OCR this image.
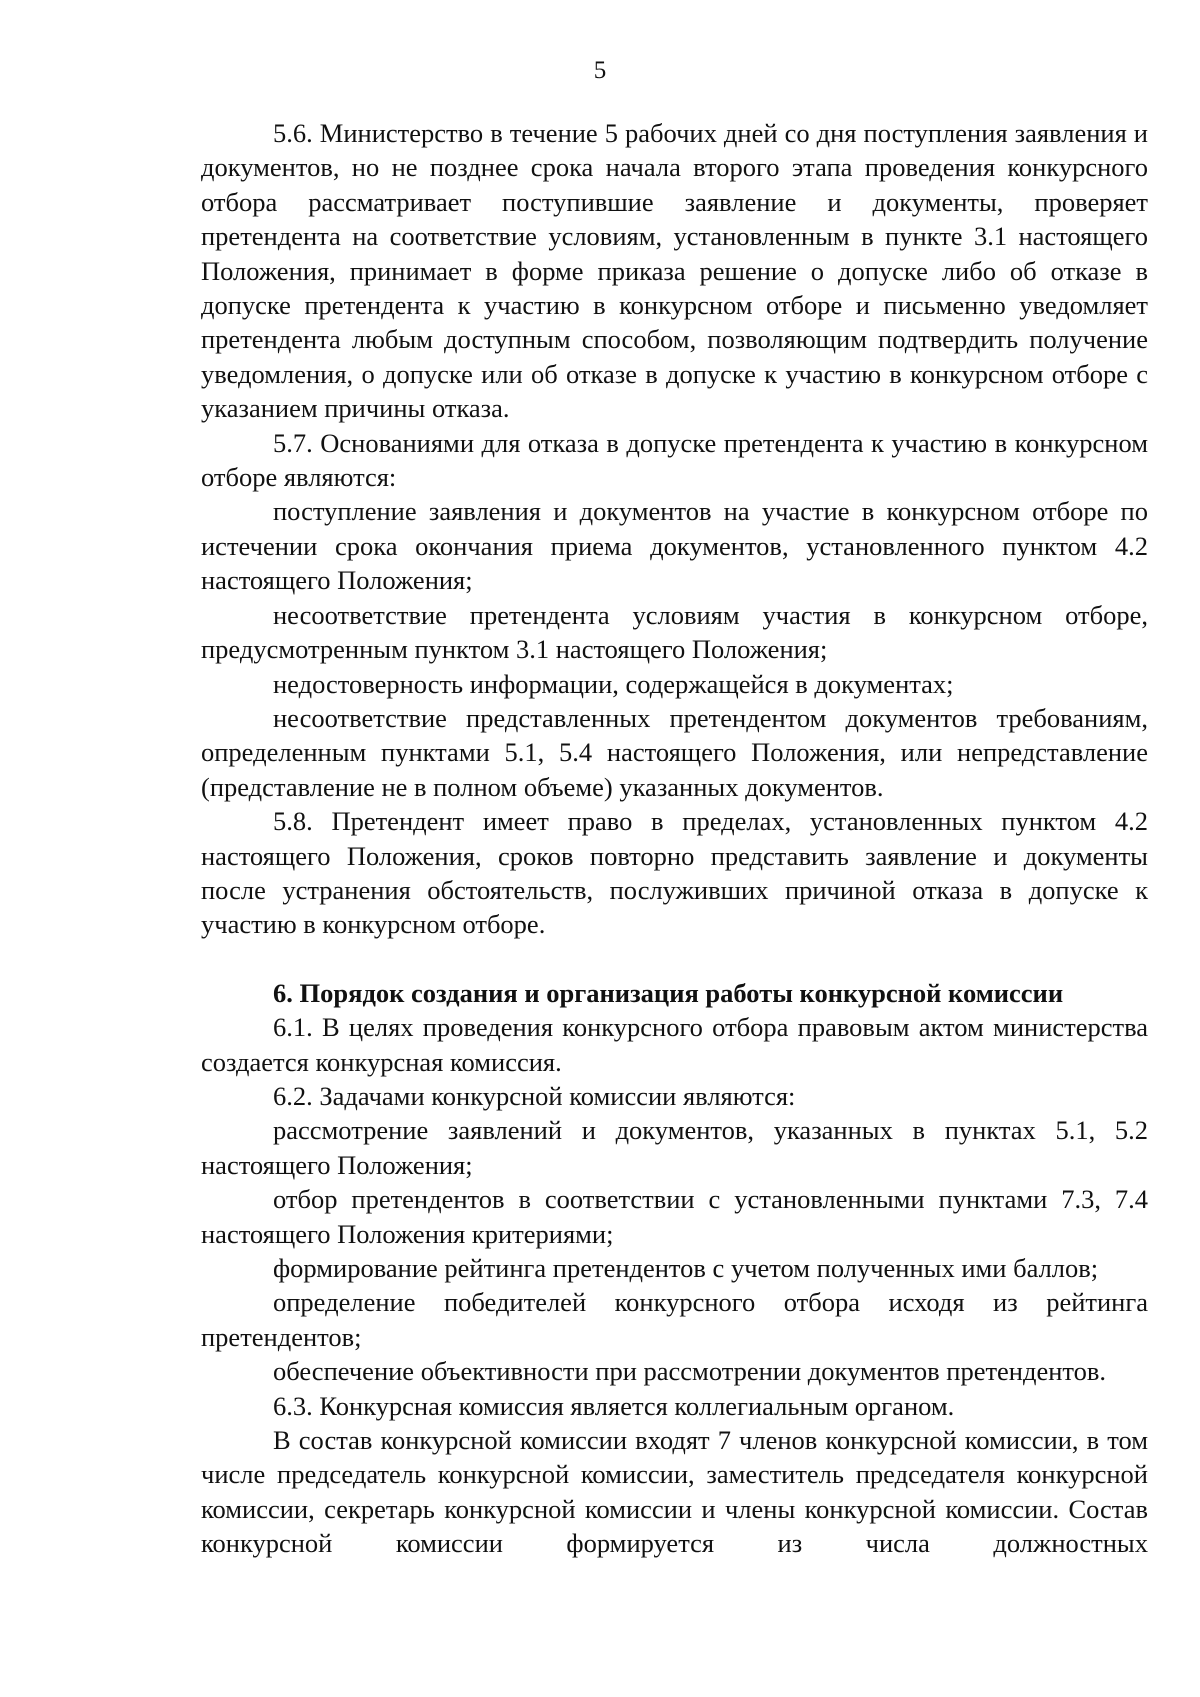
5

5.6. Министерство в течение 5 рабочих дней со дня поступления заявления и документов, но не позднее срока начала второго этапа проведения конкурсного отбора рассматривает поступившие заявление и документы, проверяет претендента на соответствие условиям, установленным в пункте 3.1 настоящего Положения, принимает в форме приказа решение о допуске либо об отказе в допуске претендента к участию в конкурсном отборе и письменно уведомляет претендента любым доступным способом, позволяющим подтвердить получение уведомления, о допуске или об отказе в допуске к участию в конкурсном отборе с указанием причины отказа.

5.7. Основаниями для отказа в допуске претендента к участию в конкурсном отборе являются:

поступление заявления и документов на участие в конкурсном отборе по истечении срока окончания приема документов, установленного пунктом 4.2 настоящего Положения;

несоответствие претендента условиям участия в конкурсном отборе, предусмотренным пунктом 3.1 настоящего Положения;

недостоверность информации, содержащейся в документах;

несоответствие представленных претендентом документов требованиям, определенным пунктами 5.1, 5.4 настоящего Положения, или непредставление (представление не в полном объеме) указанных документов.

5.8. Претендент имеет право в пределах, установленных пунктом 4.2 настоящего Положения, сроков повторно представить заявление и документы после устранения обстоятельств, послуживших причиной отказа в допуске к участию в конкурсном отборе.

6. Порядок создания и организация работы конкурсной комиссии

6.1. В целях проведения конкурсного отбора правовым актом министерства создается конкурсная комиссия.

6.2. Задачами конкурсной комиссии являются:

рассмотрение заявлений и документов, указанных в пунктах 5.1, 5.2 настоящего Положения;

отбор претендентов в соответствии с установленными пунктами 7.3, 7.4 настоящего Положения критериями;

формирование рейтинга претендентов с учетом полученных ими баллов;

определение победителей конкурсного отбора исходя из рейтинга претендентов;

обеспечение объективности при рассмотрении документов претендентов.

6.3. Конкурсная комиссия является коллегиальным органом.

В состав конкурсной комиссии входят 7 членов конкурсной комиссии, в том числе председатель конкурсной комиссии, заместитель председателя конкурсной комиссии, секретарь конкурсной комиссии и члены конкурсной комиссии. Состав конкурсной комиссии формируется из числа должностных
